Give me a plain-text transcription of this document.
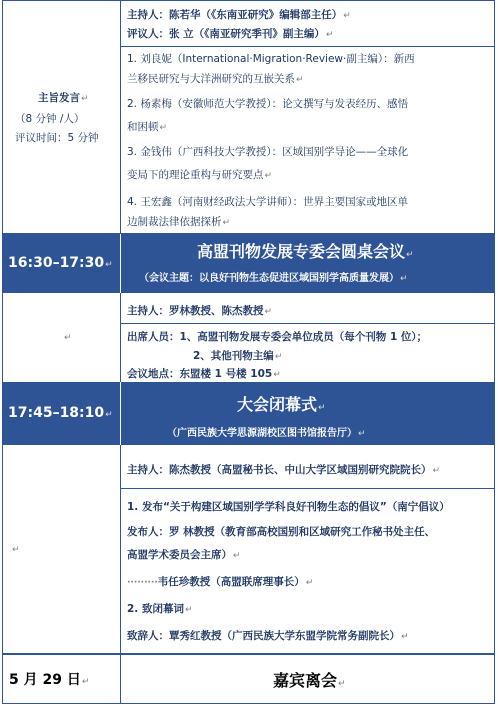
主旨发言↵
（8 分钟 /人）
评议时间：5 分钟
主持人：陈若华（《东南亚研究》编辑部主任）↵
评议人：张 立（《南亚研究季刊》副主编）↵
1. 刘良妮（International·Migration·Review·副主编）：新西
兰移民研究与大洋洲研究的互嵌关系↵
2. 杨素梅（安徽师范大学教授）：论文撰写与发表经历、感悟
和困顿↵
3. 金钱伟（广西科技大学教授）：区域国别学导论——全球化
变局下的理论重构与研究要点↵
4. 王宏鑫（河南财经政法大学讲师）：世界主要国家或地区单
边制裁法律依据探析↵
16:30–17:30↵
高盟刊物发展专委会圆桌会议↵
（会议主题：以良好刊物生态促进区域国别学高质量发展）↵
↵
主持人：罗林教授、陈杰教授↵
出席人员：1、高盟刊物发展专委会单位成员（每个刊物 1 位）；
2、其他刊物主编↵
会议地点：东盟楼 1 号楼 105↵
17:45–18:10↵
大会闭幕式↵
（广西民族大学思源湖校区图书馆报告厅）↵
↵
主持人：陈杰教授（高盟秘书长、中山大学区域国别研究院院长）↵
1. 发布“关于构建区域国别学学科良好刊物生态的倡议”（南宁倡议）
发布人：罗 林教授（教育部高校国别和区域研究工作秘书处主任、
高盟学术委员会主席）↵
·········韦任珍教授（高盟联席理事长）↵
2. 致闭幕词↵
致辞人：覃秀红教授（广西民族大学东盟学院常务副院长）↵
5 月 29 日↵	嘉宾离会↵
